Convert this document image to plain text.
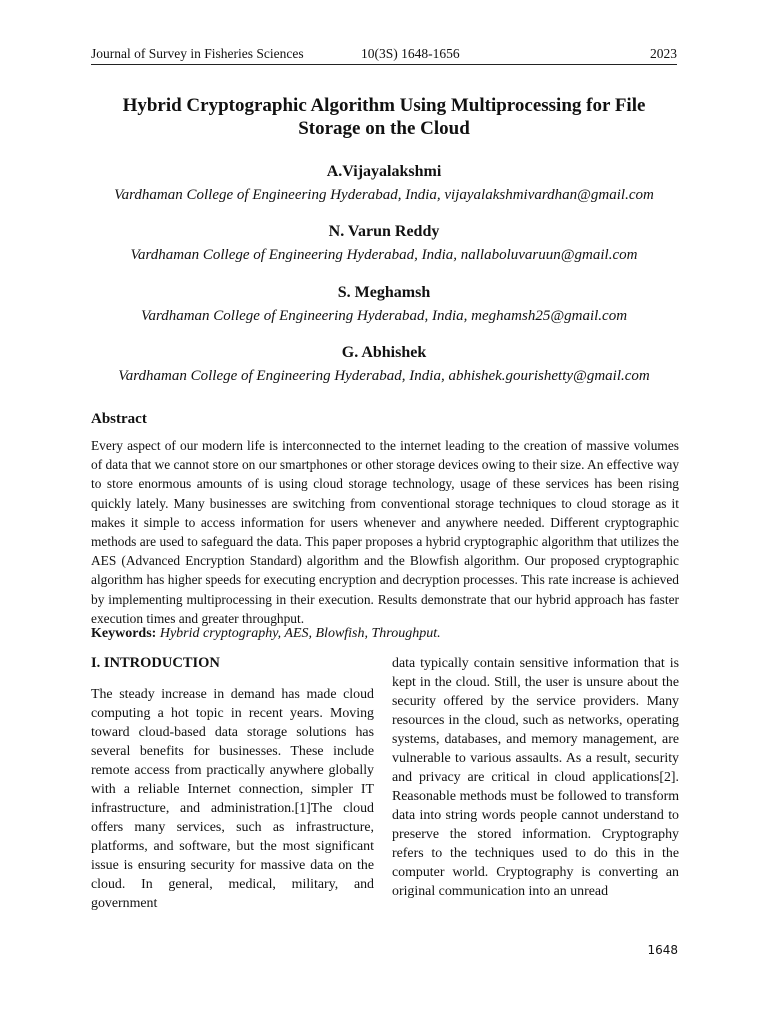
Journal of Survey in Fisheries Sciences	10(3S) 1648-1656	2023
Hybrid Cryptographic Algorithm Using Multiprocessing for File Storage on the Cloud
A.Vijayalakshmi
Vardhaman College of Engineering Hyderabad, India, vijayalakshmivardhan@gmail.com
N. Varun Reddy
Vardhaman College of Engineering Hyderabad, India, nallaboluvaruun@gmail.com
S. Meghamsh
Vardhaman College of Engineering Hyderabad, India, meghamsh25@gmail.com
G. Abhishek
Vardhaman College of Engineering Hyderabad, India, abhishek.gourishetty@gmail.com
Abstract

Every aspect of our modern life is interconnected to the internet leading to the creation of massive volumes of data that we cannot store on our smartphones or other storage devices owing to their size. An effective way to store enormous amounts of is using cloud storage technology, usage of these services has been rising quickly lately. Many businesses are switching from conventional storage techniques to cloud storage as it makes it simple to access information for users whenever and anywhere needed. Different cryptographic methods are used to safeguard the data. This paper proposes a hybrid cryptographic algorithm that utilizes the AES (Advanced Encryption Standard) algorithm and the Blowfish algorithm. Our proposed cryptographic algorithm has higher speeds for executing encryption and decryption processes. This rate increase is achieved by implementing multiprocessing in their execution. Results demonstrate that our hybrid approach has faster execution times and greater throughput.

Keywords: Hybrid cryptography, AES, Blowfish, Throughput.

I. INTRODUCTION

The steady increase in demand has made cloud computing a hot topic in recent years. Moving toward cloud-based data storage solutions has several benefits for businesses. These include remote access from practically anywhere globally with a reliable Internet connection, simpler IT infrastructure, and administration.[1]The cloud offers many services, such as infrastructure, platforms, and software, but the most significant issue is ensuring security for massive data on the cloud. In general, medical, military, and government

data typically contain sensitive information that is kept in the cloud. Still, the user is unsure about the security offered by the service providers. Many resources in the cloud, such as networks, operating systems, databases, and memory management, are vulnerable to various assaults. As a result, security and privacy are critical in cloud applications[2]. Reasonable methods must be followed to transform data into string words people cannot understand to preserve the stored information. Cryptography refers to the techniques used to do this in the computer world. Cryptography is converting an original communication into an unread

1648
